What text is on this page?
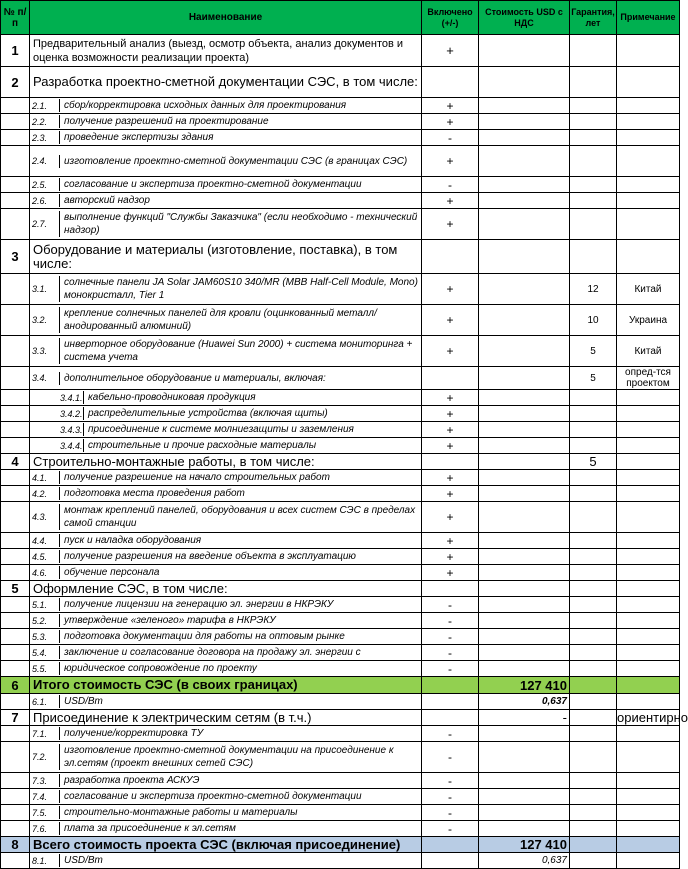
№ п/п	Наименование	Включено (+/-)	Стоимость USD с НДС	Гарантия, лет	Примечание
1	Предварительный анализ (выезд, осмотр объекта, анализ документов и оценка возможности реализации проекта)	+			
2	Разработка проектно-сметной документации СЭС, в том числе:				

2.1. сбор/корректировка исходных данных для проектирования	+			

2.2. получение разрешений на проектирование	+			

2.3. проведение экспертизы здания	-			

2.4. изготовление проектно-сметной документации СЭС (в границах СЭС)	+			

2.5. согласование и экспертиза проектно-сметной документации	-			

2.6. авторский надзор	+			

2.7.
выполнение функций "Службы Заказчика" (если необходимо - технический надзор)	+			
3	Оборудование и материалы (изготовление, поставка), в том числе:				

3.1.
солнечные панели JA Solar JAM60S10 340/MR (MBB Half-Cell Module, Mono) монокристалл, Tier 1	+		12	Китай

3.2.
крепление солнечных панелей для кровли (оцинкованный металл/анодированный алюминий)	+		10	Украина

3.3.
инверторное оборудование (Huawei Sun 2000) + система мониторинга + система учета	+		5	Китай

3.4. дополнительное оборудование и материалы, включая:			5	опред-тся проектом

3.4.1. кабельно-проводниковая продукция	+			

3.4.2. распределительные устройства (включая щиты)	+			

3.4.3. присоединение к системе молниезащиты и заземления	+			

3.4.4. строительные и прочие расходные материалы	+			
4	Строительно-монтажные работы, в том числе:			5	

4.1. получение разрешение на начало строительных работ	+			

4.2. подготовка места проведения работ	+			

4.3.
монтаж креплений панелей, оборудования и всех систем СЭС в пределах самой станции	+			

4.4. пуск и наладка оборудования	+			

4.5. получение разрешения на введение объекта в эксплуатацию	+			

4.6. обучение персонала	+			
5	Оформление СЭС, в том числе:				

5.1. получение лицензии на генерацию эл. энергии в НКРЭКУ	-			

5.2. утверждение «зеленого» тарифа в НКРЭКУ	-			

5.3. подготовка документации для работы на оптовым рынке	-			

5.4. заключение и согласование договора на продажу эл. энергии с	-			

5.5. юридическое сопровождение по проекту	-			
6	Итого стоимость СЭС (в своих границах)		127 410		

6.1. USD/Вт		0,637		
7	Присоединение к электрическим сетям (в т.ч.)		-		ориентирно

7.1. получение/корректировка ТУ	-			

7.2.
изготовление проектно-сметной документации на присоединение к эл.сетям (проект внешних сетей СЭС)	-			

7.3. разработка проекта АСКУЭ	-			

7.4. согласование и экспертиза проектно-сметной документации	-			

7.5. строительно-монтажные работы и материалы	-			

7.6. плата за присоединение к эл.сетям	-			
8	Всего стоимость проекта СЭС (включая присоединение)		127 410		

8.1. USD/Вт		0,637		
